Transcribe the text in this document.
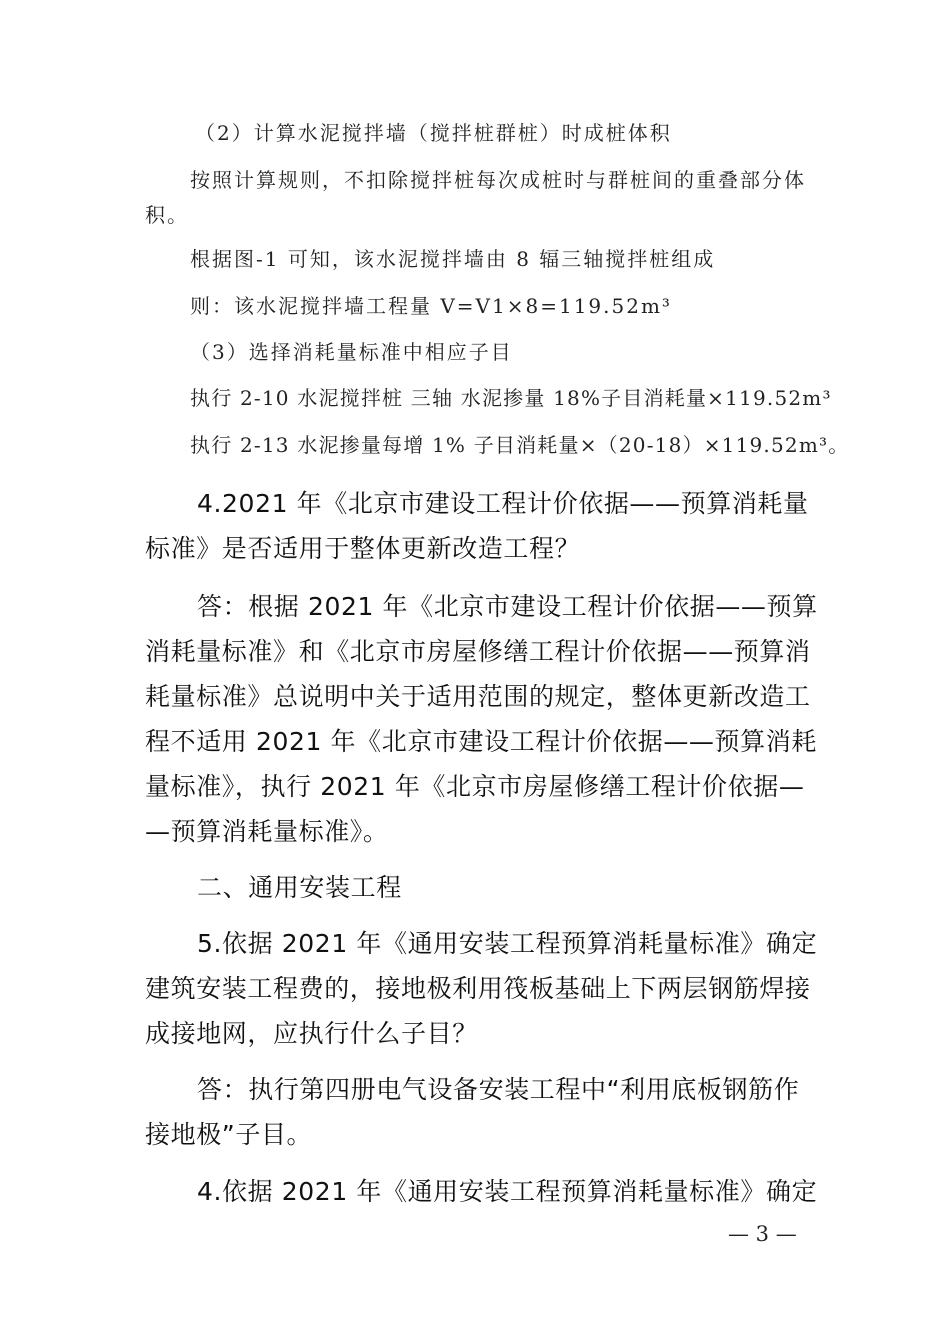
（2）计算水泥搅拌墙（搅拌桩群桩）时成桩体积

按照计算规则，不扣除搅拌桩每次成桩时与群桩间的重叠部分体

积。

根据图-1 可知，该水泥搅拌墙由 8 辐三轴搅拌桩组成

则：该水泥搅拌墙工程量 V=V1×8=119.52m³

（3）选择消耗量标准中相应子目

执行 2-10 水泥搅拌桩 三轴 水泥掺量 18%子目消耗量×119.52m³

执行 2-13 水泥掺量每增 1% 子目消耗量×（20-18）×119.52m³。

4.2021 年《北京市建设工程计价依据——预算消耗量

标准》是否适用于整体更新改造工程？

答：根据 2021 年《北京市建设工程计价依据——预算

消耗量标准》和《北京市房屋修缮工程计价依据——预算消

耗量标准》总说明中关于适用范围的规定，整体更新改造工

程不适用 2021 年《北京市建设工程计价依据——预算消耗

量标准》，执行 2021 年《北京市房屋修缮工程计价依据—

—预算消耗量标准》。

二、通用安装工程

5.依据 2021 年《通用安装工程预算消耗量标准》确定

建筑安装工程费的，接地极利用筏板基础上下两层钢筋焊接

成接地网，应执行什么子目？

答：执行第四册电气设备安装工程中“利用底板钢筋作

接地极”子目。

4.依据 2021 年《通用安装工程预算消耗量标准》确定

— 3 —
